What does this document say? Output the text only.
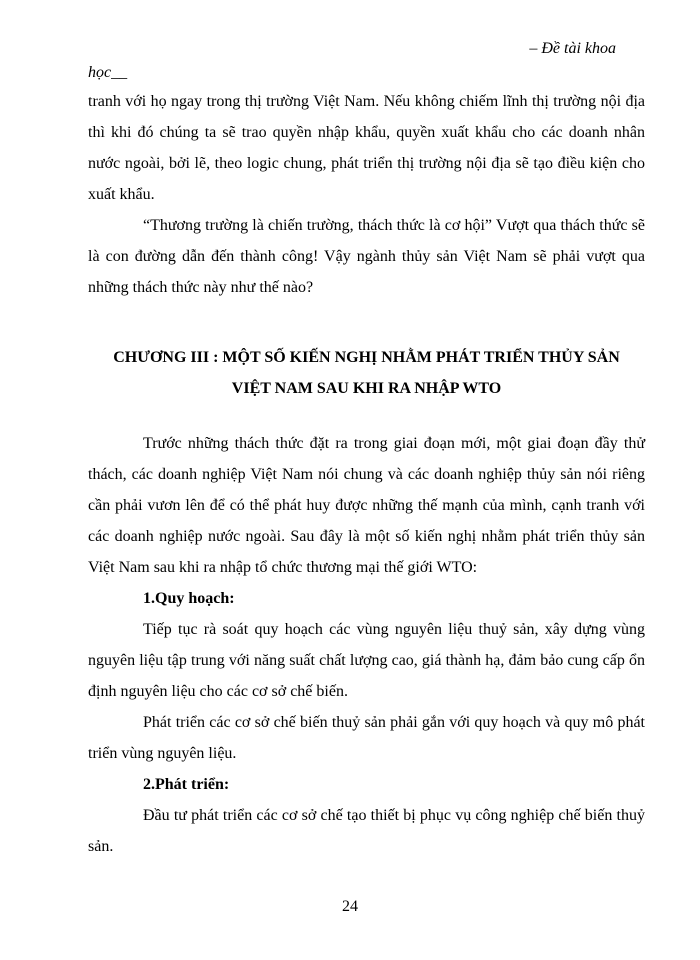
– Đề tài khoa
học__

tranh với họ ngay trong thị trường Việt Nam. Nếu không chiếm lĩnh thị trường nội địa thì khi đó chúng ta sẽ trao quyền nhập khẩu, quyền xuất khẩu cho các doanh nhân nước ngoài, bởi lẽ, theo logic chung, phát triển thị trường nội địa sẽ tạo điều kiện cho xuất khẩu.

“Thương trường là chiến trường, thách thức là cơ hội” Vượt qua thách thức sẽ là con đường dẫn đến thành công! Vậy ngành thủy sản Việt Nam sẽ phải vượt qua những thách thức này như thế nào?

CHƯƠNG III : MỘT SỐ KIẾN NGHỊ NHẰM PHÁT TRIỂN THỦY SẢN
VIỆT NAM SAU KHI RA NHẬP WTO

Trước những thách thức đặt ra trong giai đoạn mới, một giai đoạn đầy thử thách, các doanh nghiệp Việt Nam nói chung và các doanh nghiệp thủy sản nói riêng cần phải vươn lên để có thể phát huy được những thế mạnh của mình, cạnh tranh với các doanh nghiệp nước ngoài. Sau đây là một số kiến nghị nhằm phát triển thủy sản Việt Nam sau khi ra nhập tổ chức thương mại thế giới WTO:

1.Quy hoạch:

Tiếp tục rà soát quy hoạch các vùng nguyên liệu thuỷ sản, xây dựng vùng nguyên liệu tập trung với năng suất chất lượng cao, giá thành hạ, đảm bảo cung cấp ổn định nguyên liệu cho các cơ sở chế biến.

Phát triển các cơ sở chế biến thuỷ sản phải gắn với quy hoạch và quy mô phát triển vùng nguyên liệu.

2.Phát triển:

Đầu tư phát triển các cơ sở chế tạo thiết bị phục vụ công nghiệp chế biến thuỷ sản.

24
